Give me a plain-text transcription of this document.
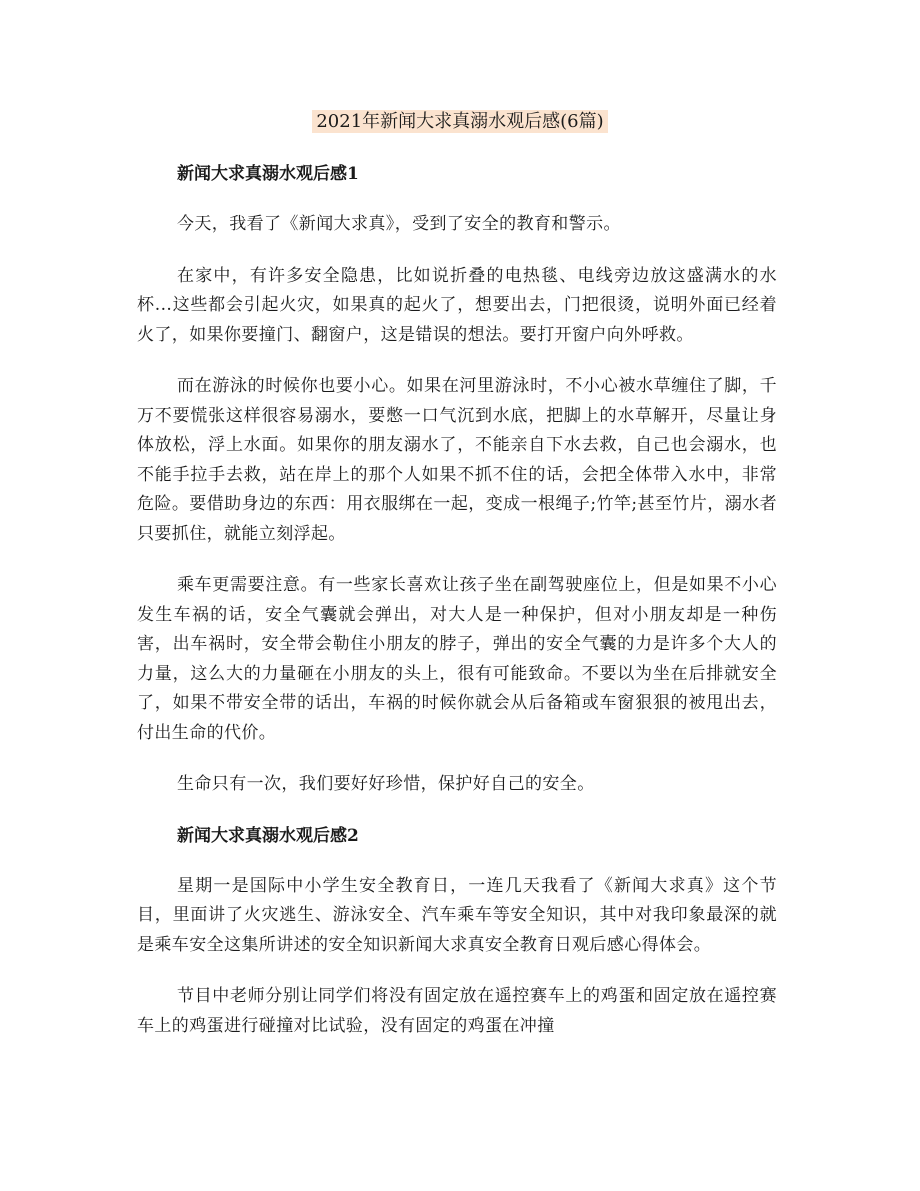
2021年新闻大求真溺水观后感(6篇)
新闻大求真溺水观后感1

今天，我看了《新闻大求真》，受到了安全的教育和警示。

在家中，有许多安全隐患，比如说折叠的电热毯、电线旁边放这盛满水的水杯...这些都会引起火灾，如果真的起火了，想要出去，门把很烫，说明外面已经着火了，如果你要撞门、翻窗户，这是错误的想法。要打开窗户向外呼救。

而在游泳的时候你也要小心。如果在河里游泳时，不小心被水草缠住了脚，千万不要慌张这样很容易溺水，要憋一口气沉到水底，把脚上的水草解开，尽量让身体放松，浮上水面。如果你的朋友溺水了，不能亲自下水去救，自己也会溺水，也不能手拉手去救，站在岸上的那个人如果不抓不住的话，会把全体带入水中，非常危险。要借助身边的东西：用衣服绑在一起，变成一根绳子;竹竿;甚至竹片，溺水者只要抓住，就能立刻浮起。

乘车更需要注意。有一些家长喜欢让孩子坐在副驾驶座位上，但是如果不小心发生车祸的话，安全气囊就会弹出，对大人是一种保护，但对小朋友却是一种伤害，出车祸时，安全带会勒住小朋友的脖子，弹出的安全气囊的力是许多个大人的力量，这么大的力量砸在小朋友的头上，很有可能致命。不要以为坐在后排就安全了，如果不带安全带的话出，车祸的时候你就会从后备箱或车窗狠狠的被甩出去，付出生命的代价。

生命只有一次，我们要好好珍惜，保护好自己的安全。

新闻大求真溺水观后感2

星期一是国际中小学生安全教育日，一连几天我看了《新闻大求真》这个节目，里面讲了火灾逃生、游泳安全、汽车乘车等安全知识，其中对我印象最深的就是乘车安全这集所讲述的安全知识新闻大求真安全教育日观后感心得体会。

节目中老师分别让同学们将没有固定放在遥控赛车上的鸡蛋和固定放在遥控赛车上的鸡蛋进行碰撞对比试验，没有固定的鸡蛋在冲撞
